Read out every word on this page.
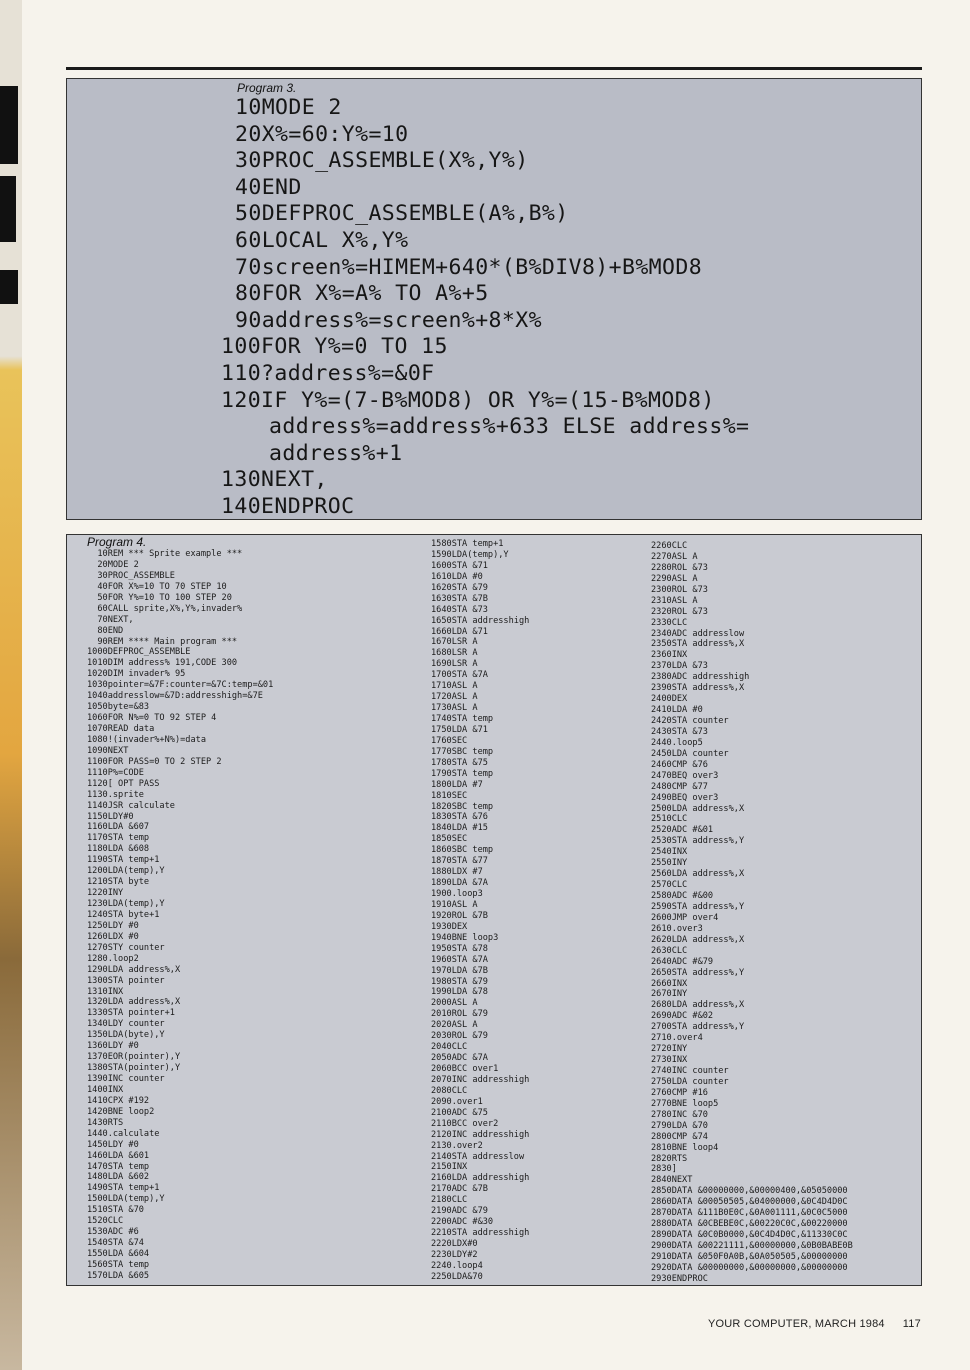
Program 3.
10MODE 2
20X%=60:Y%=10
30PROC_ASSEMBLE(X%,Y%)
40END
50DEFPROC_ASSEMBLE(A%,B%)
60LOCAL X%,Y%
70screen%=HIMEM+640*(B%DIV8)+B%MOD8
80FOR X%=A% TO A%+5
90address%=screen%+8*X%
100FOR Y%=0 TO 15
110?address%=&0F
120IF Y%=(7-B%MOD8) OR Y%=(15-B%MOD8)
address%=address%+633 ELSE address%=
address%+1
130NEXT,
140ENDPROC
Program 4.
10REM *** Sprite example ***
20MODE 2
30PROC_ASSEMBLE
40FOR X%=10 TO 70 STEP 10
50FOR Y%=10 TO 100 STEP 20
60CALL sprite,X%,Y%,invader%
70NEXT,
80END
90REM **** Main program ***
1000DEFPROC_ASSEMBLE
1010DIM address% 191,CODE 300
1020DIM invader% 95
1030pointer=&7F:counter=&7C:temp=&01
1040addresslow=&7D:addresshigh=&7E
1050byte=&83
1060FOR N%=0 TO 92 STEP 4
1070READ data
1080!(invader%+N%)=data
1090NEXT
1100FOR PASS=0 TO 2 STEP 2
1110P%=CODE
1120[ OPT PASS
1130.sprite
1140JSR calculate
1150LDY#0
1160LDA &607
1170STA temp
1180LDA &608
1190STA temp+1
1200LDA(temp),Y
1210STA byte
1220INY
1230LDA(temp),Y
1240STA byte+1
1250LDY #0
1260LDX #0
1270STY counter
1280.loop2
1290LDA address%,X
1300STA pointer
1310INX
1320LDA address%,X
1330STA pointer+1
1340LDY counter
1350LDA(byte),Y
1360LDY #0
1370EOR(pointer),Y
1380STA(pointer),Y
1390INC counter
1400INX
1410CPX #192
1420BNE loop2
1430RTS
1440.calculate
1450LDY #0
1460LDA &601
1470STA temp
1480LDA &602
1490STA temp+1
1500LDA(temp),Y
1510STA &70
1520CLC
1530ADC #6
1540STA &74
1550LDA &604
1560STA temp
1570LDA &605
1580STA temp+1
1590LDA(temp),Y
1600STA &71
1610LDA #0
1620STA &79
1630STA &7B
1640STA &73
1650STA addresshigh
1660LDA &71
1670LSR A
1680LSR A
1690LSR A
1700STA &7A
1710ASL A
1720ASL A
1730ASL A
1740STA temp
1750LDA &71
1760SEC
1770SBC temp
1780STA &75
1790STA temp
1800LDA #7
1810SEC
1820SBC temp
1830STA &76
1840LDA #15
1850SEC
1860SBC temp
1870STA &77
1880LDX #7
1890LDA &7A
1900.loop3
1910ASL A
1920ROL &7B
1930DEX
1940BNE loop3
1950STA &78
1960STA &7A
1970LDA &7B
1980STA &79
1990LDA &78
2000ASL A
2010ROL &79
2020ASL A
2030ROL &79
2040CLC
2050ADC &7A
2060BCC over1
2070INC addresshigh
2080CLC
2090.over1
2100ADC &75
2110BCC over2
2120INC addresshigh
2130.over2
2140STA addresslow
2150INX
2160LDA addresshigh
2170ADC &7B
2180CLC
2190ADC &79
2200ADC #&30
2210STA addresshigh
2220LDX#0
2230LDY#2
2240.loop4
2250LDA&70
2260CLC
2270ASL A
2280ROL &73
2290ASL A
2300ROL &73
2310ASL A
2320ROL &73
2330CLC
2340ADC addresslow
2350STA address%,X
2360INX
2370LDA &73
2380ADC addresshigh
2390STA address%,X
2400DEX
2410LDA #0
2420STA counter
2430STA &73
2440.loop5
2450LDA counter
2460CMP &76
2470BEQ over3
2480CMP &77
2490BEQ over3
2500LDA address%,X
2510CLC
2520ADC #&01
2530STA address%,Y
2540INX
2550INY
2560LDA address%,X
2570CLC
2580ADC #&00
2590STA address%,Y
2600JMP over4
2610.over3
2620LDA address%,X
2630CLC
2640ADC #&79
2650STA address%,Y
2660INX
2670INY
2680LDA address%,X
2690ADC #&02
2700STA address%,Y
2710.over4
2720INY
2730INX
2740INC counter
2750LDA counter
2760CMP #16
2770BNE loop5
2780INC &70
2790LDA &70
2800CMP &74
2810BNE loop4
2820RTS
2830]
2840NEXT
2850DATA &00000000,&00000400,&05050000
2860DATA &00050505,&04000000,&0C4D4D0C
2870DATA &111B0E0C,&0A001111,&0C0C5000
2880DATA &0CBEBE0C,&00220C0C,&00220000
2890DATA &0C0B0000,&0C4D4D0C,&11330C0C
2900DATA &00221111,&00000000,&0B0BABE0B
2910DATA &050F0A0B,&0A050505,&00000000
2920DATA &00000000,&00000000,&00000000
2930ENDPROC
YOUR COMPUTER, MARCH 1984 117
